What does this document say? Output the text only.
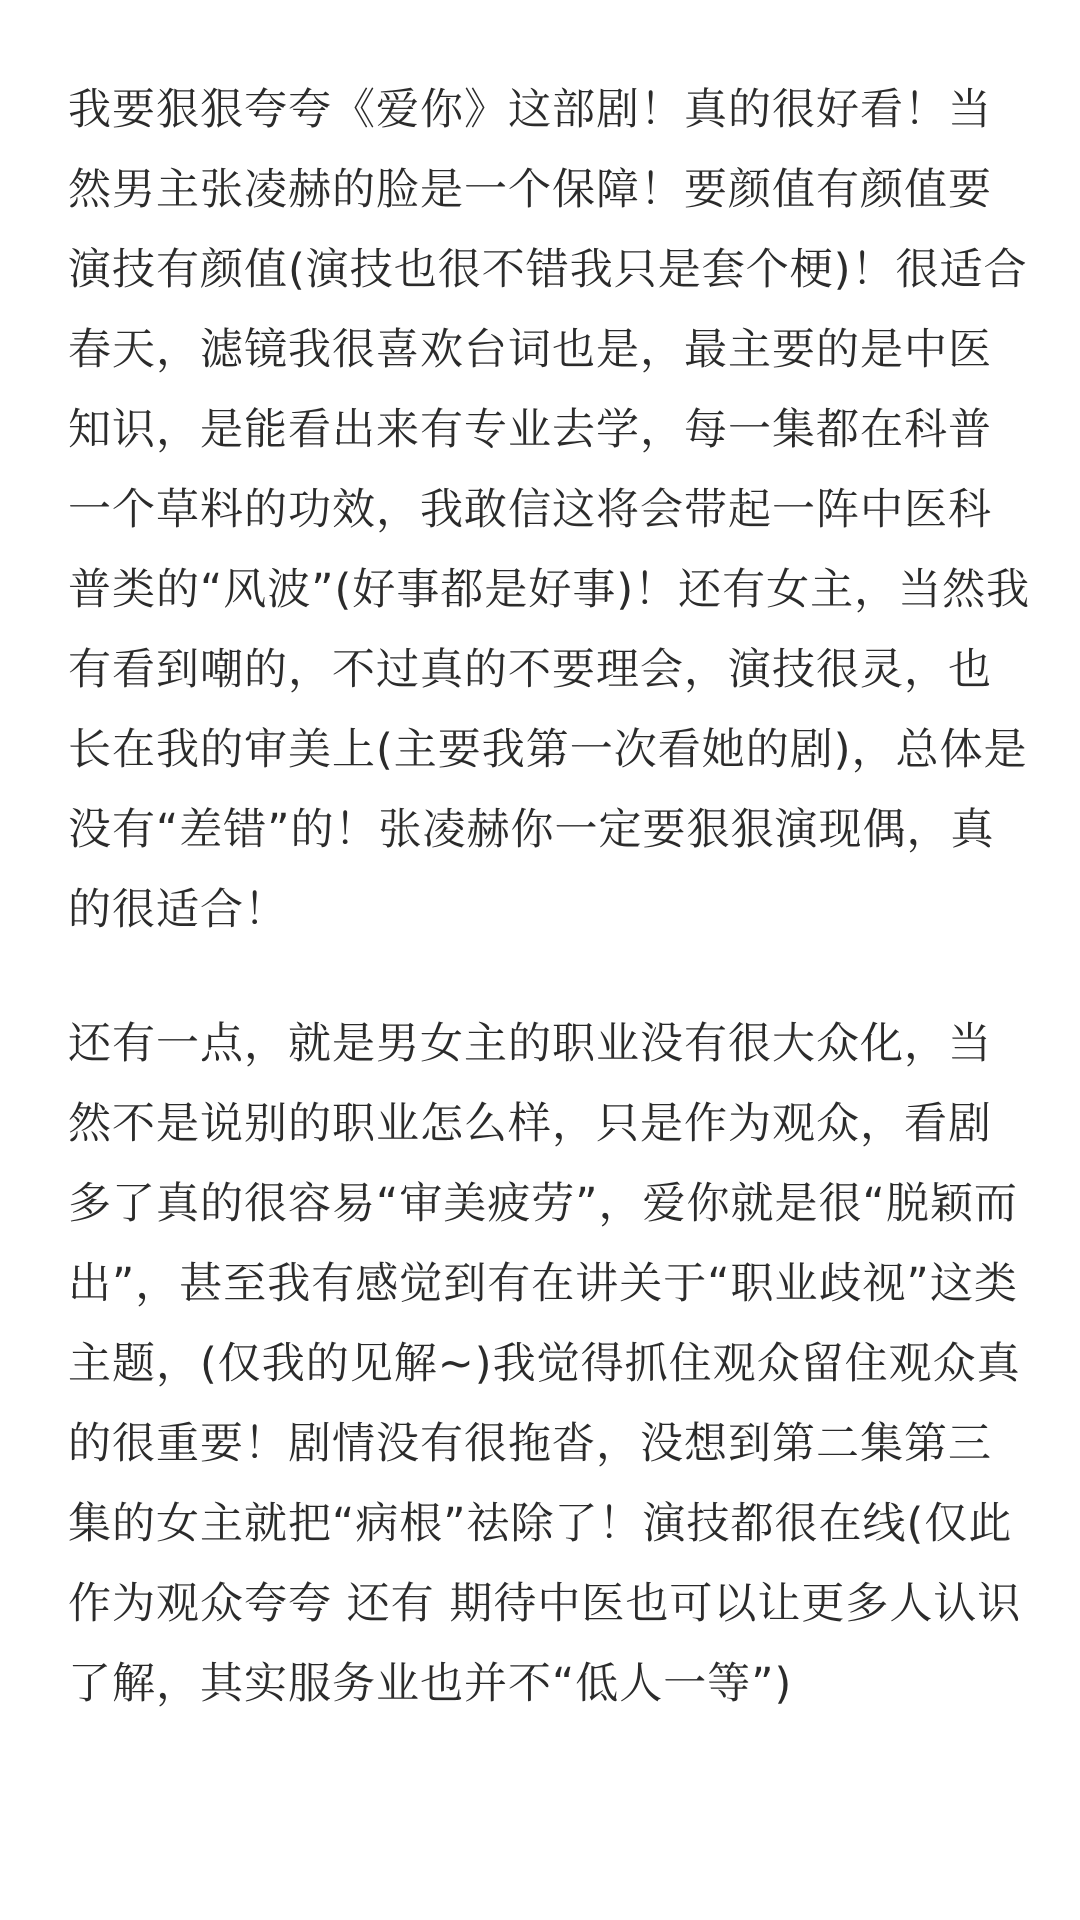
我要狠狠夸夸《爱你》这部剧！真的很好看！当
然男主张凌赫的脸是一个保障！要颜值有颜值要
演技有颜值(演技也很不错我只是套个梗)！很适合
春天，滤镜我很喜欢台词也是，最主要的是中医
知识，是能看出来有专业去学，每一集都在科普
一个草料的功效，我敢信这将会带起一阵中医科
普类的“风波”(好事都是好事)！还有女主，当然我
有看到嘲的，不过真的不要理会，演技很灵，也
长在我的审美上(主要我第一次看她的剧)，总体是
没有“差错”的！张凌赫你一定要狠狠演现偶，真
的很适合！
还有一点，就是男女主的职业没有很大众化，当
然不是说别的职业怎么样，只是作为观众，看剧
多了真的很容易“审美疲劳”，爱你就是很“脱颖而
出”，甚至我有感觉到有在讲关于“职业歧视”这类
主题，(仅我的见解~)我觉得抓住观众留住观众真
的很重要！剧情没有很拖沓，没想到第二集第三
集的女主就把“病根”祛除了！演技都很在线(仅此
作为观众夸夸 还有 期待中医也可以让更多人认识
了解，其实服务业也并不“低人一等”)
